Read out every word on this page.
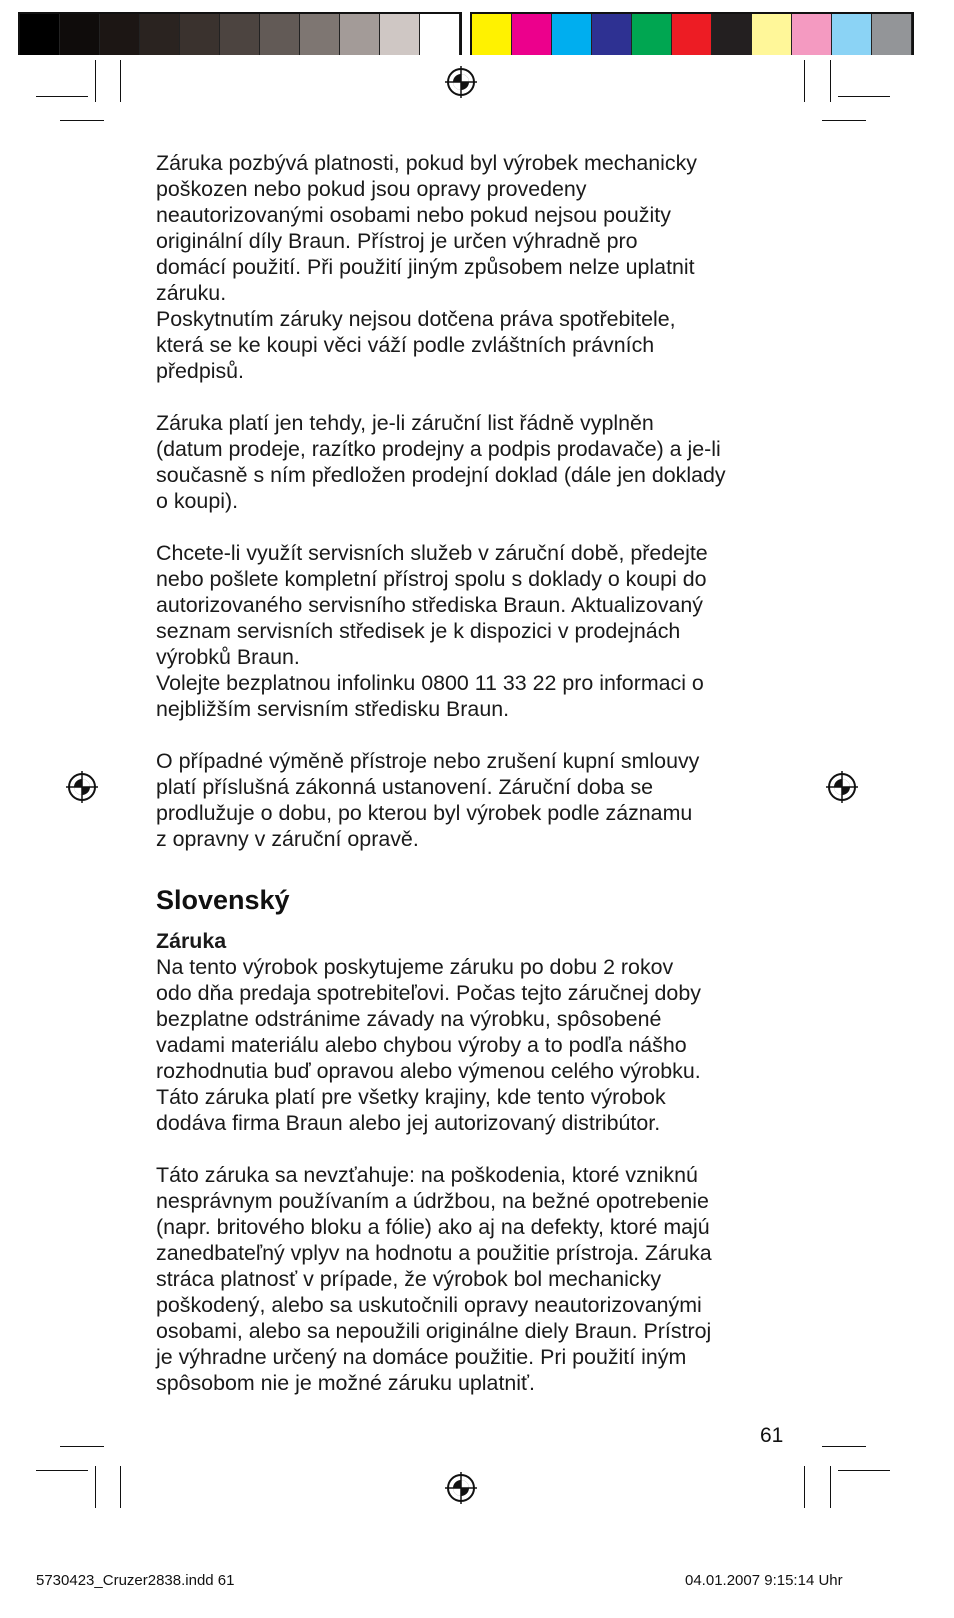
Záruka pozbývá platnosti, pokud byl výrobek mechanicky
poškozen nebo pokud jsou opravy provedeny
neautorizovanými osobami nebo pokud nejsou použity
originální díly Braun. Přístroj je určen výhradně pro
domácí použití. Při použití jiným způsobem nelze uplatnit
záruku.
Poskytnutím záruky nejsou dotčena práva spotřebitele,
která se ke koupi věci váží podle zvláštních právních
předpisů.

Záruka platí jen tehdy, je-li záruční list řádně vyplněn
(datum prodeje, razítko prodejny a podpis prodavače) a je-li
současně s ním předložen prodejní doklad (dále jen doklady
o koupi).

Chcete-li využít servisních služeb v záruční době, předejte
nebo pošlete kompletní přístroj spolu s doklady o koupi do
autorizovaného servisního střediska Braun. Aktualizovaný
seznam servisních středisek je k dispozici v prodejnách
výrobků Braun.
Volejte bezplatnou infolinku 0800 11 33 22 pro informaci o
nejbližším servisním středisku Braun.

O případné výměně přístroje nebo zrušení kupní smlouvy
platí příslušná zákonná ustanovení. Záruční doba se
prodlužuje o dobu, po kterou byl výrobek podle záznamu
z opravny v záruční opravě.

Slovenský

Záruka
Na tento výrobok poskytujeme záruku po dobu 2 rokov
odo dňa predaja spotrebiteľovi. Počas tejto záručnej doby
bezplatne odstránime závady na výrobku, spôsobené
vadami materiálu alebo chybou výroby a to podľa nášho
rozhodnutia buď opravou alebo výmenou celého výrobku.
Táto záruka platí pre všetky krajiny, kde tento výrobok
dodáva firma Braun alebo jej autorizovaný distribútor.

Táto záruka sa nevzťahuje: na poškodenia, ktoré vzniknú
nesprávnym používaním a údržbou, na bežné opotrebenie
(napr. britového bloku a fólie) ako aj na defekty, ktoré majú
zanedbateľný vplyv na hodnotu a použitie prístroja. Záruka
stráca platnosť v prípade, že výrobok bol mechanicky
poškodený, alebo sa uskutočnili opravy neautorizovanými
osobami, alebo sa nepoužili originálne diely Braun. Prístroj
je výhradne určený na domáce použitie. Pri použití iným
spôsobom nie je možné záruku uplatniť.

61
5730423_Cruzer2838.indd 61	04.01.2007 9:15:14 Uhr
